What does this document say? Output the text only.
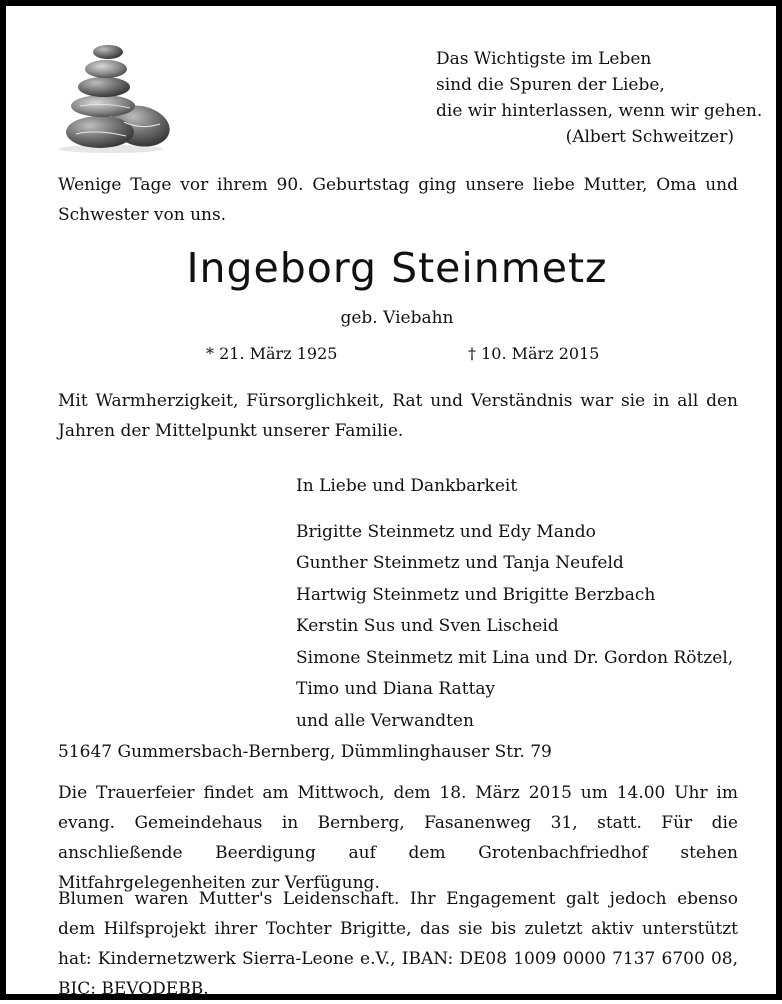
Das Wichtigste im Leben
sind die Spuren der Liebe,
die wir hinterlassen, wenn wir gehen.
(Albert Schweitzer)
Wenige Tage vor ihrem 90. Geburtstag ging unsere liebe Mutter, Oma und Schwester von uns.
Ingeborg Steinmetz
geb. Viebahn
* 21. März 1925	† 10. März 2015
Mit Warmherzigkeit, Fürsorglichkeit, Rat und Verständnis war sie in all den Jahren der Mittelpunkt unserer Familie.
In Liebe und Dankbarkeit
Brigitte Steinmetz und Edy Mando
Gunther Steinmetz und Tanja Neufeld
Hartwig Steinmetz und Brigitte Berzbach
Kerstin Sus und Sven Lischeid
Simone Steinmetz mit Lina und Dr. Gordon Rötzel,
Timo und Diana Rattay
und alle Verwandten
51647 Gummersbach-Bernberg, Dümmlinghauser Str. 79
Die Trauerfeier findet am Mittwoch, dem 18. März 2015 um 14.00 Uhr im evang. Gemeindehaus in Bernberg, Fasanenweg 31, statt. Für die anschließende Beerdigung auf dem Grotenbachfriedhof stehen Mitfahrgelegenheiten zur Verfügung.
Blumen waren Mutter's Leidenschaft. Ihr Engagement galt jedoch ebenso dem Hilfsprojekt ihrer Tochter Brigitte, das sie bis zuletzt aktiv unterstützt hat: Kindernetzwerk Sierra-Leone e.V., IBAN: DE08 1009 0000 7137 6700 08, BIC: BEVODEBB.
